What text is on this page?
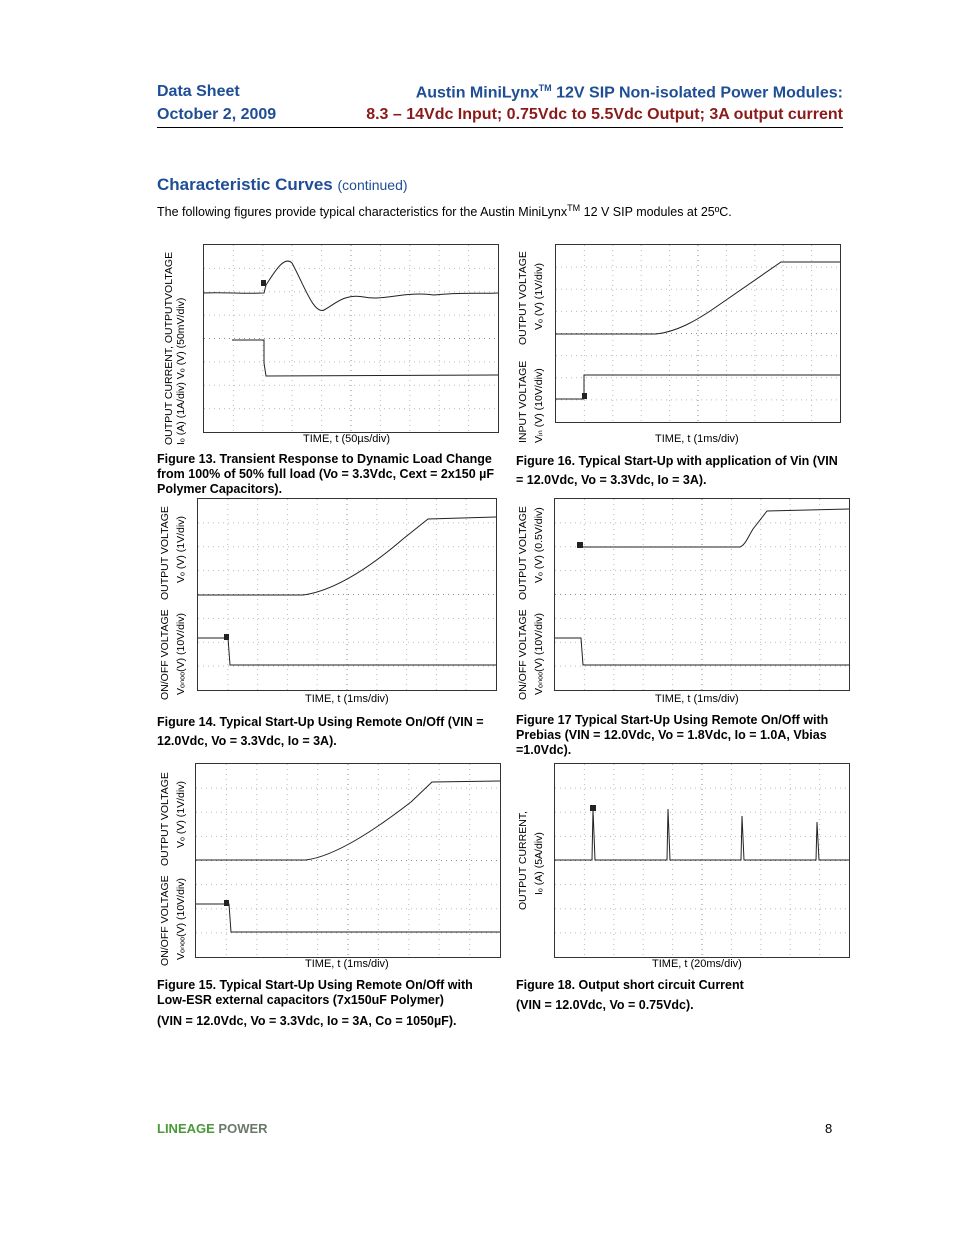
Data Sheet
October 2, 2009
Austin MiniLynx™ 12V SIP Non-isolated Power Modules:
8.3 – 14Vdc Input; 0.75Vdc to 5.5Vdc Output; 3A output current
Characteristic Curves (continued)
The following figures provide typical characteristics for the Austin MiniLynx™ 12 V SIP modules at 25ºC.
OUTPUT CURRENT, OUTPUTVOLTAGE Iₒ (A) (1A/div) Vₒ (V) (50mV/div)	TIME, t (50µs/div)
Figure 13. Transient Response to Dynamic Load Change from 100% of 50% full load (Vo = 3.3Vdc, Cext = 2x150 µF Polymer Capacitors).
OUTPUT VOLTAGE Vₒ (V) (1V/div)
INPUT VOLTAGE Vᵢₙ (V) (10V/div)	TIME, t (1ms/div)
Figure 16. Typical Start-Up with application of Vin (VIN = 12.0Vdc, Vo = 3.3Vdc, Io = 3A).
OUTPUT VOLTAGE Vₒ (V) (1V/div)
ON/OFF VOLTAGE Vₒₙₒₒ(V) (10V/div)
TIME, t (1ms/div)
Figure 14. Typical Start-Up Using Remote On/Off (VIN = 12.0Vdc, Vo = 3.3Vdc, Io = 3A).
OUTPUT VOLTAGE Vₒ (V) (0.5V/div)
ON/OFF VOLTAGE Vₒₙₒₒ(V) (10V/div)
TIME, t (1ms/div)
Figure 17 Typical Start-Up Using Remote On/Off with Prebias (VIN = 12.0Vdc, Vo = 1.8Vdc, Io = 1.0A, Vbias =1.0Vdc).
OUTPUT VOLTAGE Vₒ (V) (1V/div)
ON/OFF VOLTAGE Vₒₙₒₒ(V) (10V/div)
TIME, t (1ms/div)
Figure 15. Typical Start-Up Using Remote On/Off with Low-ESR external capacitors (7x150uF Polymer)
(VIN = 12.0Vdc, Vo = 3.3Vdc, Io = 3A, Co = 1050µF).
OUTPUT CURRENT, Iₒ (A) (5A/div)
TIME, t (20ms/div)
Figure 18. Output short circuit Current
(VIN = 12.0Vdc, Vo = 0.75Vdc).
LINEAGE POWER	8
